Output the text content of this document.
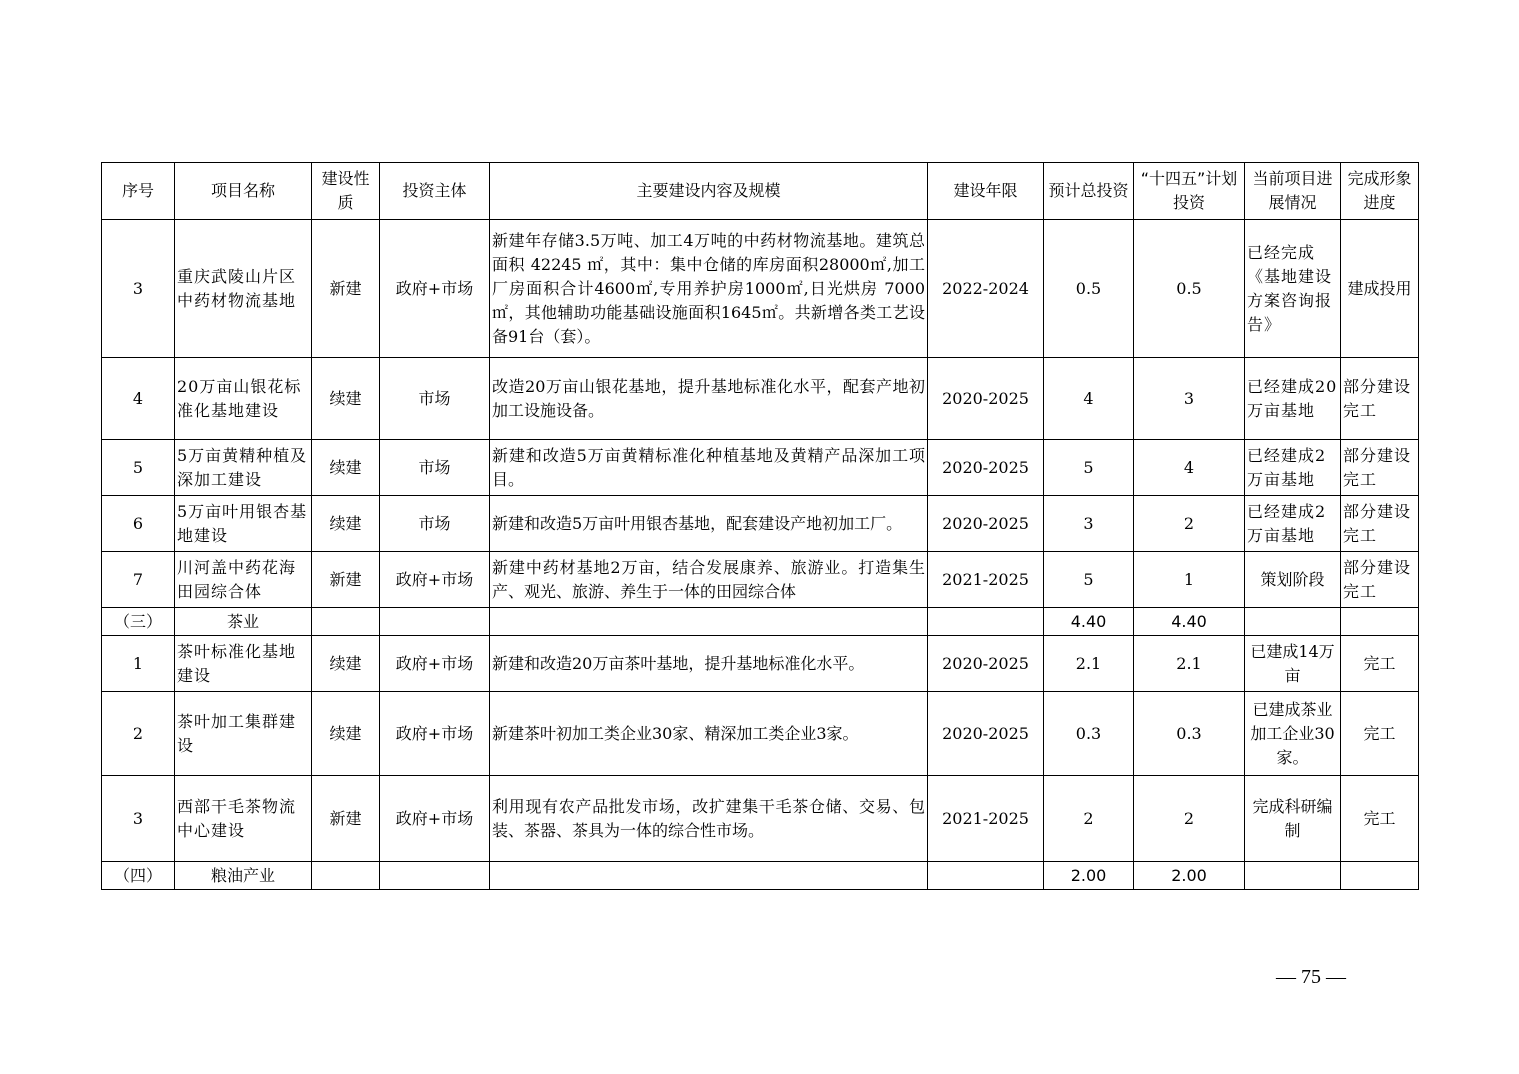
序号	项目名称	建设性质	投资主体	主要建设内容及规模	建设年限	预计总投资	“十四五”计划投资	当前项目进展情况	完成形象进度
3	重庆武陵山片区中药材物流基地	新建	政府+市场	新建年存储3.5万吨、加工4万吨的中药材物流基地。建筑总面积 42245 ㎡，其中：集中仓储的库房面积28000㎡,加工厂房面积合计4600㎡,专用养护房1000㎡,日光烘房 7000 ㎡，其他辅助功能基础设施面积1645㎡。共新增各类工艺设备91台（套）。	2022-2024	0.5	0.5	已经完成《基地建设方案咨询报告》	建成投用
4	20万亩山银花标准化基地建设	续建	市场	改造20万亩山银花基地，提升基地标准化水平，配套产地初加工设施设备。	2020-2025	4	3	已经建成20万亩基地	部分建设完工
5	5万亩黄精种植及深加工建设	续建	市场	新建和改造5万亩黄精标准化种植基地及黄精产品深加工项目。	2020-2025	5	4	已经建成2万亩基地	部分建设完工
6	5万亩叶用银杏基地建设	续建	市场	新建和改造5万亩叶用银杏基地，配套建设产地初加工厂。	2020-2025	3	2	已经建成2万亩基地	部分建设完工
7	川河盖中药花海田园综合体	新建	政府+市场	新建中药材基地2万亩，结合发展康养、旅游业。打造集生产、观光、旅游、养生于一体的田园综合体	2021-2025	5	1	策划阶段	部分建设完工
（三）	茶业					4.40	4.40		
1	茶叶标准化基地建设	续建	政府+市场	新建和改造20万亩茶叶基地，提升基地标准化水平。	2020-2025	2.1	2.1	已建成14万亩	完工
2	茶叶加工集群建设	续建	政府+市场	新建茶叶初加工类企业30家、精深加工类企业3家。	2020-2025	0.3	0.3	已建成茶业加工企业30家。	完工
3	西部干毛茶物流中心建设	新建	政府+市场	利用现有农产品批发市场，改扩建集干毛茶仓储、交易、包装、茶器、茶具为一体的综合性市场。	2021-2025	2	2	完成科研编制	完工
（四）	粮油产业					2.00	2.00		
— 75 —
